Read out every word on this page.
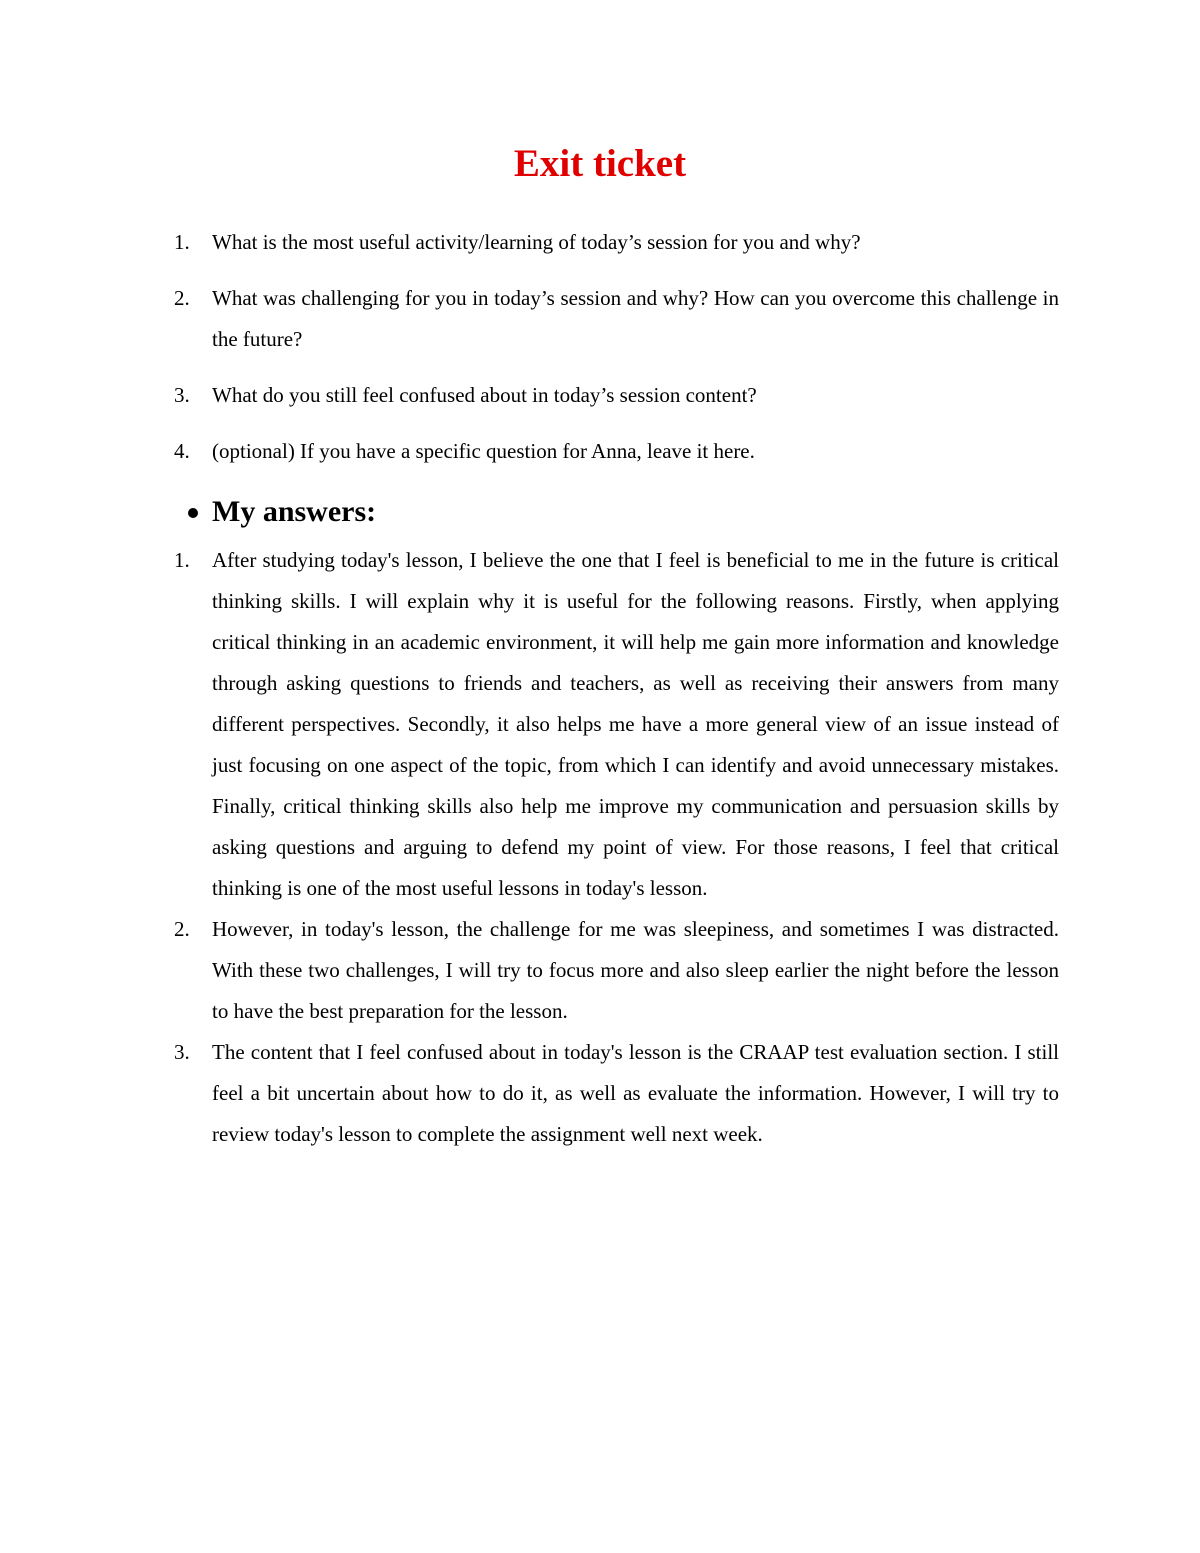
Exit ticket
1.	What is the most useful activity/learning of today’s session for you and why?
2.	What was challenging for you in today’s session and why? How can you overcome this challenge in the future?
3.	What do you still feel confused about in today’s session content?
4.	(optional) If you have a specific question for Anna, leave it here.
My answers:
1.	After studying today's lesson, I believe the one that I feel is beneficial to me in the future is critical thinking skills. I will explain why it is useful for the following reasons. Firstly, when applying critical thinking in an academic environment, it will help me gain more information and knowledge through asking questions to friends and teachers, as well as receiving their answers from many different perspectives. Secondly, it also helps me have a more general view of an issue instead of just focusing on one aspect of the topic, from which I can identify and avoid unnecessary mistakes. Finally, critical thinking skills also help me improve my communication and persuasion skills by asking questions and arguing to defend my point of view. For those reasons, I feel that critical thinking is one of the most useful lessons in today's lesson.
2.	However, in today's lesson, the challenge for me was sleepiness, and sometimes I was distracted. With these two challenges, I will try to focus more and also sleep earlier the night before the lesson to have the best preparation for the lesson.
3.	The content that I feel confused about in today's lesson is the CRAAP test evaluation section. I still feel a bit uncertain about how to do it, as well as evaluate the information. However, I will try to review today's lesson to complete the assignment well next week.
